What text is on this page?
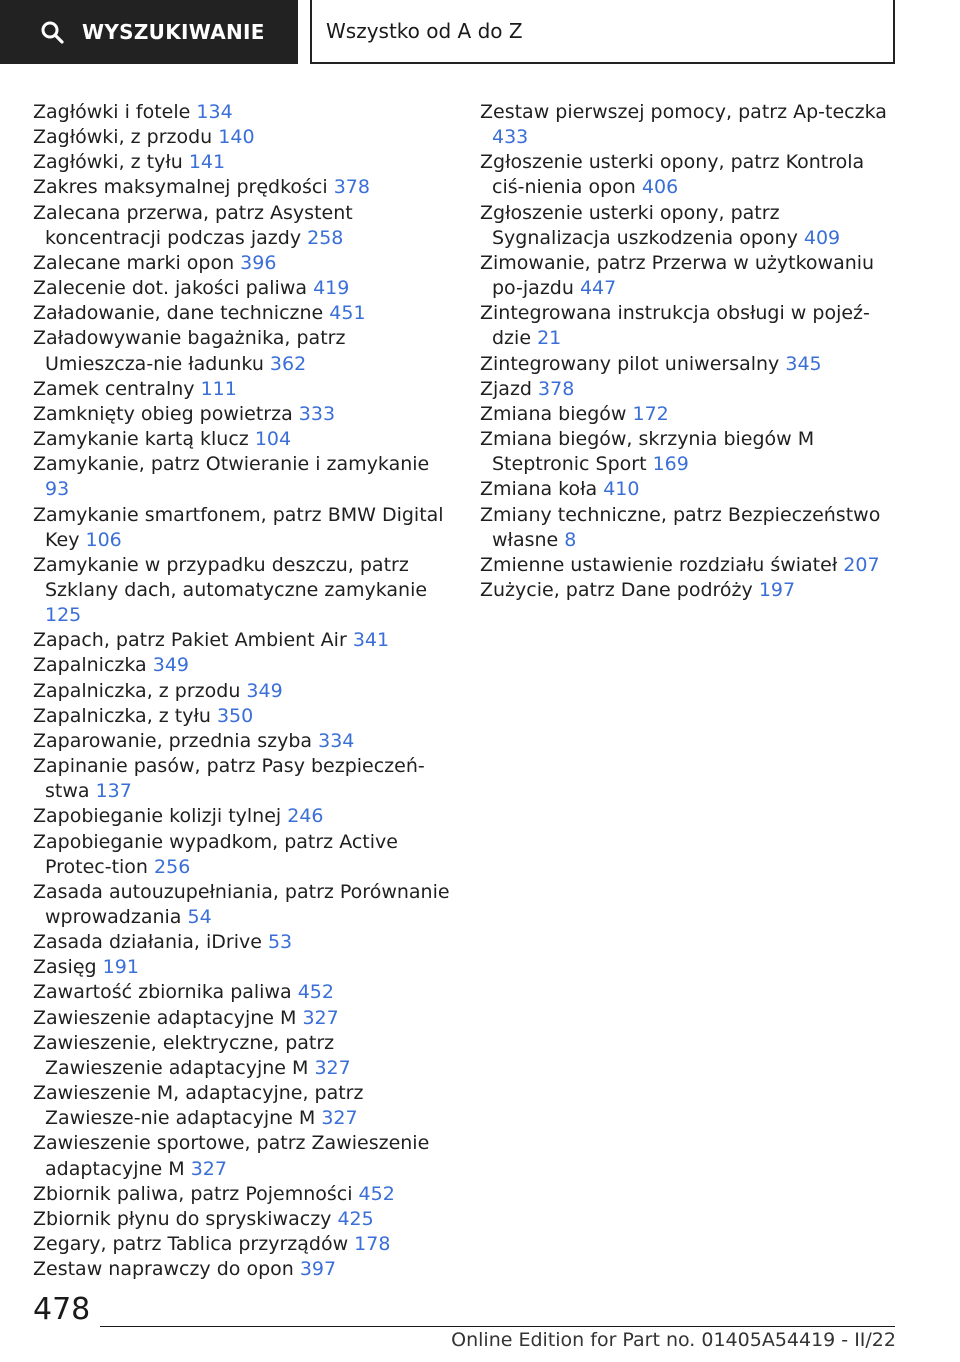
WYSZUKIWANIE	Wszystko od A do Z
Zagłówki i fotele 134
Zagłówki, z przodu 140
Zagłówki, z tyłu 141
Zakres maksymalnej prędkości 378
Zalecana przerwa, patrz Asystent koncentracji podczas jazdy 258
Zalecane marki opon 396
Zalecenie dot. jakości paliwa 419
Załadowanie, dane techniczne 451
Załadowywanie bagażnika, patrz Umieszcza-nie ładunku 362
Zamek centralny 111
Zamknięty obieg powietrza 333
Zamykanie kartą klucz 104
Zamykanie, patrz Otwieranie i zamykanie 93
Zamykanie smartfonem, patrz BMW Digital Key 106
Zamykanie w przypadku deszczu, patrz Szklany dach, automatyczne zamykanie 125
Zapach, patrz Pakiet Ambient Air 341
Zapalniczka 349
Zapalniczka, z przodu 349
Zapalniczka, z tyłu 350
Zaparowanie, przednia szyba 334
Zapinanie pasów, patrz Pasy bezpieczeń-stwa 137
Zapobieganie kolizji tylnej 246
Zapobieganie wypadkom, patrz Active Protec-tion 256
Zasada autouzupełniania, patrz Porównanie wprowadzania 54
Zasada działania, iDrive 53
Zasięg 191
Zawartość zbiornika paliwa 452
Zawieszenie adaptacyjne M 327
Zawieszenie, elektryczne, patrz Zawieszenie adaptacyjne M 327
Zawieszenie M, adaptacyjne, patrz Zawiesze-nie adaptacyjne M 327
Zawieszenie sportowe, patrz Zawieszenie adaptacyjne M 327
Zbiornik paliwa, patrz Pojemności 452
Zbiornik płynu do spryskiwaczy 425
Zegary, patrz Tablica przyrządów 178
Zestaw naprawczy do opon 397
Zestaw pierwszej pomocy, patrz Ap-teczka 433
Zgłoszenie usterki opony, patrz Kontrola ciś-nienia opon 406
Zgłoszenie usterki opony, patrz Sygnalizacja uszkodzenia opony 409
Zimowanie, patrz Przerwa w użytkowaniu po-jazdu 447
Zintegrowana instrukcja obsługi w pojeź-dzie 21
Zintegrowany pilot uniwersalny 345
Zjazd 378
Zmiana biegów 172
Zmiana biegów, skrzynia biegów M Steptronic Sport 169
Zmiana koła 410
Zmiany techniczne, patrz Bezpieczeństwo własne 8
Zmienne ustawienie rozdziału świateł 207
Zużycie, patrz Dane podróży 197
478
Online Edition for Part no. 01405A54419 - II/22
